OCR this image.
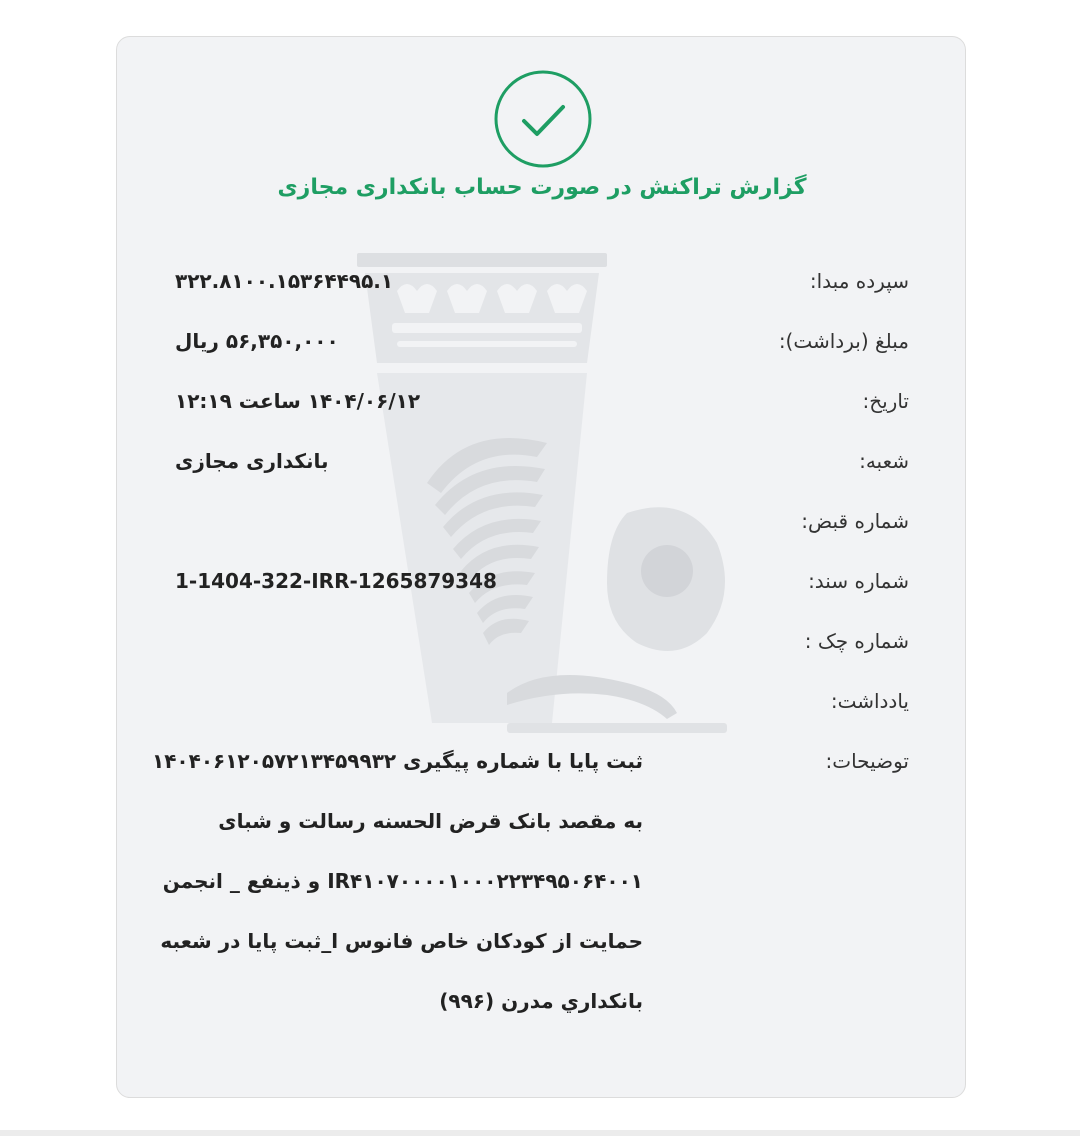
گزارش تراکنش در صورت حساب بانکداری مجازی
سپرده مبدا:
۳۲۲.۸۱۰۰.۱۵۳۶۴۴۹۵.۱
مبلغ (برداشت):
۵۶,۳۵۰,۰۰۰ ریال
تاریخ:
۱۴۰۴/۰۶/۱۲ ساعت ۱۲:۱۹
شعبه:
بانکداری مجازی
شماره قبض:
شماره سند:
1-1404-322-IRR-1265879348
شماره چک :
یادداشت:
توضیحات:
ثبت پایا با شماره پیگیری ۱۴۰۴۰۶۱۲۰۵۷۲۱۳۴۵۹۹۳۲
به مقصد بانک قرض الحسنه رسالت و شبای
IR۴۱۰۷۰۰۰۰۱۰۰۰۲۲۳۴۹۵۰۶۴۰۰۱ و ذینفع _ انجمن
حمایت از کودکان خاص فانوس ا_ثبت پایا در شعبه
بانكداري مدرن (۹۹۶)
